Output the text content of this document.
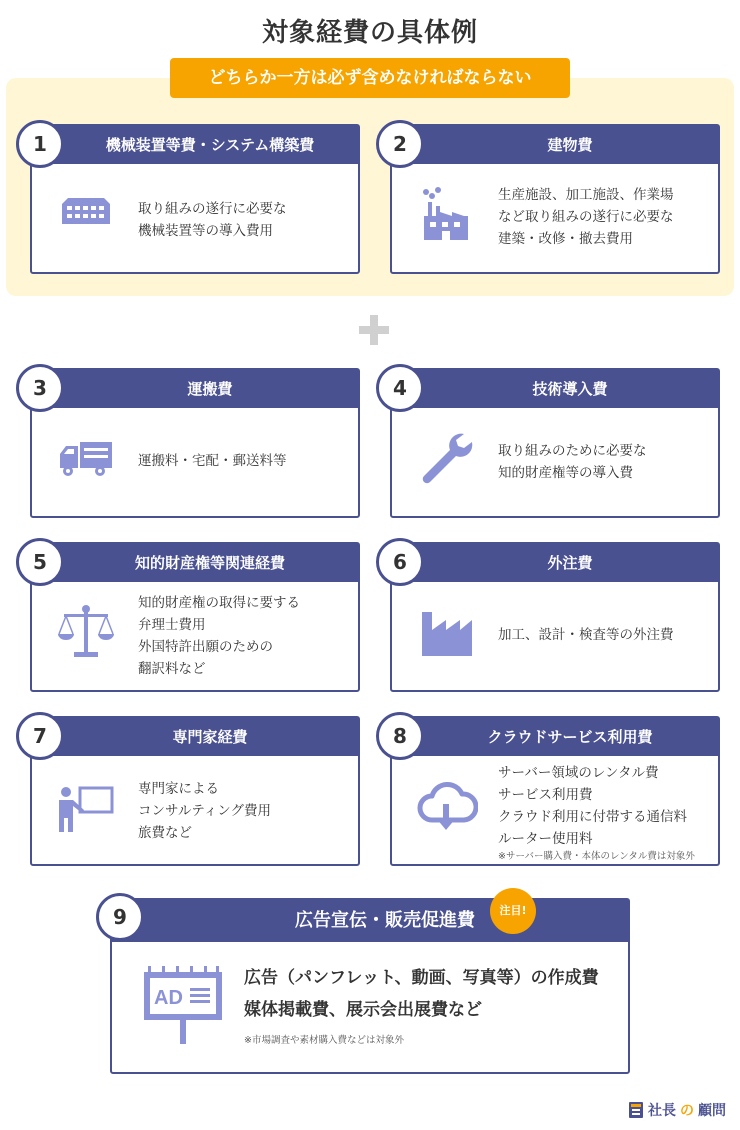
対象経費の具体例
どちらか一方は必ず含めなければならない
1	機械装置等費・システム構築費
取り組みの遂行に必要な
機械装置等の導入費用
2	建物費
生産施設、加工施設、作業場
など取り組みの遂行に必要な
建築・改修・撤去費用
3	運搬費
運搬料・宅配・郵送料等
4	技術導入費
取り組みのために必要な
知的財産権等の導入費
5	知的財産権等関連経費
知的財産権の取得に要する
弁理士費用
外国特許出願のための
翻訳料など
6	外注費
加工、設計・検査等の外注費
7	専門家経費
専門家による
コンサルティング費用
旅費など
8	クラウドサービス利用費
サーバー領域のレンタル費
サービス利用費
クラウド利用に付帯する通信料
ルーター使用料
※サーバー購入費・本体のレンタル費は対象外
9	広告宣伝・販売促進費
AD
広告（パンフレット、動画、写真等）の作成費
媒体掲載費、展示会出展費など
※市場調査や素材購入費などは対象外
注目!
社長 の 顧問
